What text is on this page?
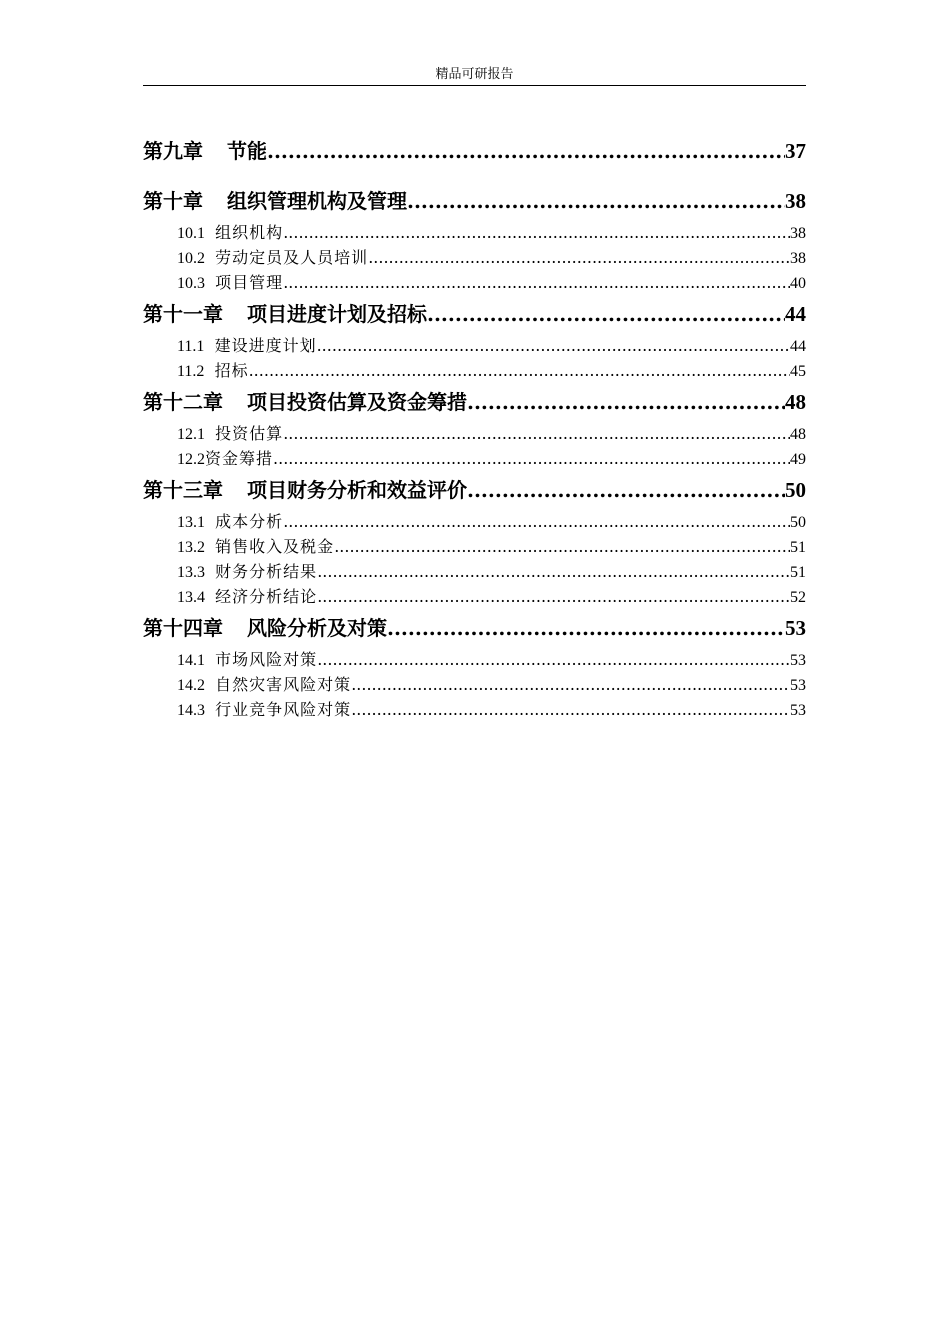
精品可研报告
第九章 节能 .....	37
第十章 组织管理机构及管理 .....	38
10.1 组织机构 .....	38
10.2 劳动定员及人员培训 .....	38
10.3 项目管理 .....	40
第十一章 项目进度计划及招标 .....	44
11.1 建设进度计划 .....	44
11.2 招标 .....	45
第十二章 项目投资估算及资金筹措 .....	48
12.1 投资估算 .....	48
12.2资金筹措 .....	49
第十三章 项目财务分析和效益评价 .....	50
13.1 成本分析 .....	50
13.2 销售收入及税金 .....	51
13.3 财务分析结果 .....	51
13.4 经济分析结论 .....	52
第十四章 风险分析及对策 .....	53
14.1 市场风险对策 .....	53
14.2 自然灾害风险对策 .....	53
14.3 行业竞争风险对策 .....	53
